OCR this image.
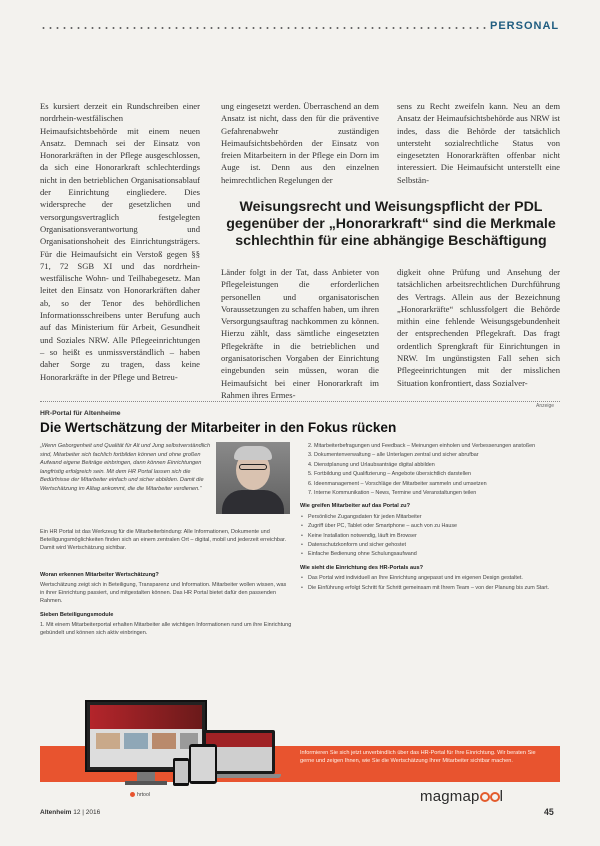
PERSONAL

Es kursiert derzeit ein Rundschreiben einer nordrhein-westfälischen Heimaufsichtsbehörde mit einem neuen Ansatz. Demnach sei der Einsatz von Honorarkräften in der Pflege ausgeschlossen, da sich eine Honorarkraft schlechterdings nicht in den betrieblichen Organisationsablauf der Einrichtung eingliedere. Dies widerspreche der gesetzlichen und versorgungsvertraglich festgelegten Organisationsverantwortung und Organisationshoheit des Einrichtungsträgers. Für die Heimaufsicht ein Verstoß gegen §§ 71, 72 SGB XI und das nordrhein-westfälische Wohn- und Teilhabegesetz. Man leitet den Einsatz von Honorarkräften daher ab, so der Tenor des behördlichen Informationsschreibens unter Berufung auch auf das Ministerium für Arbeit, Gesundheit und Soziales NRW. Alle Pflegeeinrichtungen – so heißt es unmissverständlich – haben daher Sorge zu tragen, dass keine Honorarkräfte in der Pflege und Betreu-

ung eingesetzt werden. Überraschend an dem Ansatz ist nicht, dass den für die präventive Gefahrenabwehr zuständigen Heimaufsichtsbehörden der Einsatz von freien Mitarbeitern in der Pflege ein Dorn im Auge ist. Denn aus den einzelnen heimrechtlichen Regelungen der

sens zu Recht zweifeln kann. Neu an dem Ansatz der Heimaufsichtsbehörde aus NRW ist indes, dass die Behörde der tatsächlich untersteht sozialrechtliche Status von eingesetzten Honorarkräften offenbar nicht interessiert. Die Heimaufsicht unterstellt eine Selbstän-

Weisungsrecht und Weisungspflicht der PDL gegenüber der „Honorarkraft“ sind die Merkmale schlechthin für eine abhängige Beschäftigung

Länder folgt in der Tat, dass Anbieter von Pflegeleistungen die erforderlichen personellen und organisatorischen Voraussetzungen zu schaffen haben, um ihren Versorgungsauftrag nachkommen zu können. Hierzu zählt, dass sämtliche eingesetzten Pflegekräfte in die betrieblichen und organisatorischen Vorgaben der Einrichtung eingebunden sein müssen, woran die Heimaufsicht bei einer Honorarkraft im Rahmen ihres Ermes-

digkeit ohne Prüfung und Ansehung der tatsächlichen arbeitsrechtlichen Durchführung des Vertrags. Allein aus der Bezeichnung „Honorarkräfte“ schlussfolgert die Behörde mithin eine fehlende Weisungsgebundenheit der entsprechenden Pflegekraft. Das fragt ordentlich Sprengkraft für Einrichtungen in NRW. Im ungünstigsten Fall sehen sich Pflegeeinrichtungen mit der misslichen Situation konfrontiert, dass Sozialver-

Anzeige
HR-Portal für Altenheime
Die Wertschätzung der Mitarbeiter in den Fokus rücken

„Wenn Geborgenheit und Qualität für Alt und Jung selbstverständlich sind, Mitarbeiter sich fachlich fortbilden können und ohne großen Aufwand eigene Beiträge einbringen, dann können Einrichtungen langfristig erfolgreich sein. Mit dem HR Portal lassen sich die Bedürfnisse der Mitarbeiter einfach und sicher abbilden. Damit die Wertschätzung im Alltag ankommt, die die Mitarbeiter verdienen.“

Ein HR Portal ist das Werkzeug für die Mitarbeiterbindung: Alle Informationen, Dokumente und Beteiligungsmöglichkeiten finden sich an einem zentralen Ort – digital, mobil und jederzeit erreichbar. Damit wird Wertschätzung sichtbar.

Woran erkennen Mitarbeiter Wertschätzung?

Wertschätzung zeigt sich in Beteiligung, Transparenz und Information. Mitarbeiter wollen wissen, was in ihrer Einrichtung passiert, und mitgestalten können. Das HR Portal bietet dafür den passenden Rahmen.

Sieben Beteiligungsmodule

1. Mit einem Mitarbeiterportal erhalten Mitarbeiter alle wichtigen Informationen rund um ihre Einrichtung gebündelt und können sich aktiv einbringen.

2. Mitarbeiterbefragungen und Feedback – Meinungen einholen und Verbesserungen anstoßen
3. Dokumentenverwaltung – alle Unterlagen zentral und sicher abrufbar
4. Dienstplanung und Urlaubsanträge digital abbilden
5. Fortbildung und Qualifizierung – Angebote übersichtlich darstellen
6. Ideenmanagement – Vorschläge der Mitarbeiter sammeln und umsetzen
7. Interne Kommunikation – News, Termine und Veranstaltungen teilen
Wie greifen Mitarbeiter auf das Portal zu?
• Persönliche Zugangsdaten für jeden Mitarbeiter
• Zugriff über PC, Tablet oder Smartphone – auch von zu Hause
• Keine Installation notwendig, läuft im Browser
• Datenschutzkonform und sicher gehostet
• Einfache Bedienung ohne Schulungsaufwand
Wie sieht die Einrichtung des HR-Portals aus?
• Das Portal wird individuell an Ihre Einrichtung angepasst und im eigenen Design gestaltet.
• Die Einführung erfolgt Schritt für Schritt gemeinsam mit Ihrem Team – von der Planung bis zum Start.
Informieren Sie sich jetzt unverbindlich über das HR-Portal für Ihre Einrichtung. Wir beraten Sie gerne und zeigen Ihnen, wie Sie die Wertschätzung Ihrer Mitarbeiter sichtbar machen.
hrtool	magmap l
Altenheim 12 | 2016	45
